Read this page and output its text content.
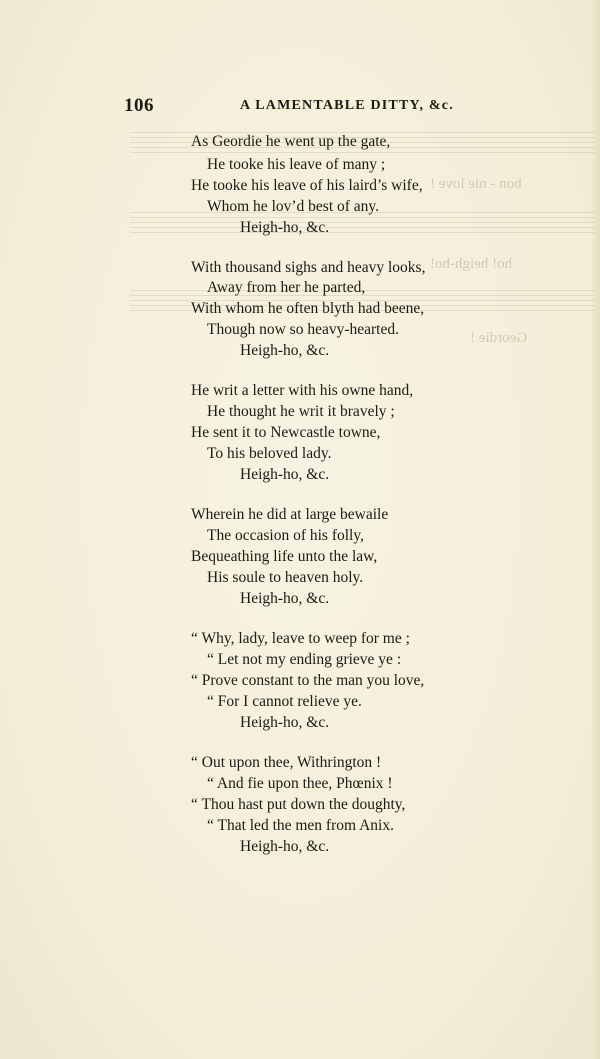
bon - nie love !
ho! heigh-ho!
Geordie !
106	A LAMENTABLE DITTY, &c.
As Geordie he went up the gate,
He tooke his leave of many ;
He tooke his leave of his laird’s wife,
Whom he lov’d best of any.
Heigh-ho, &c.
With thousand sighs and heavy looks,
Away from her he parted,
With whom he often blyth had beene,
Though now so heavy-hearted.
Heigh-ho, &c.
He writ a letter with his owne hand,
He thought he writ it bravely ;
He sent it to Newcastle towne,
To his beloved lady.
Heigh-ho, &c.
Wherein he did at large bewaile
The occasion of his folly,
Bequeathing life unto the law,
His soule to heaven holy.
Heigh-ho, &c.
“ Why, lady, leave to weep for me ;
“ Let not my ending grieve ye :
“ Prove constant to the man you love,
“ For I cannot relieve ye.
Heigh-ho, &c.
“ Out upon thee, Withrington !
“ And fie upon thee, Phœnix !
“ Thou hast put down the doughty,
“ That led the men from Anix.
Heigh-ho, &c.
